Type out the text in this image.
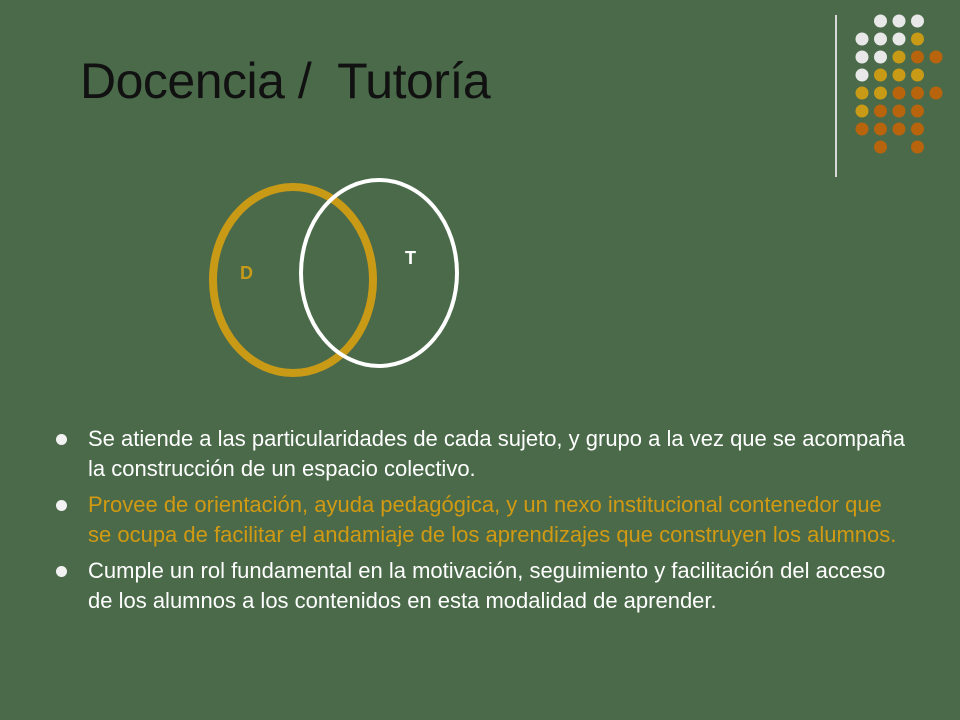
Docencia /  Tutoría
D
T
Se atiende a las particularidades de cada sujeto, y grupo a la vez que se acompaña la construcción de un espacio colectivo.
Provee de orientación, ayuda pedagógica, y un nexo institucional contenedor que se ocupa de facilitar el andamiaje de los aprendizajes que construyen los alumnos.
Cumple un rol fundamental en la motivación, seguimiento y facilitación del acceso de los alumnos a los contenidos en esta modalidad de aprender.
